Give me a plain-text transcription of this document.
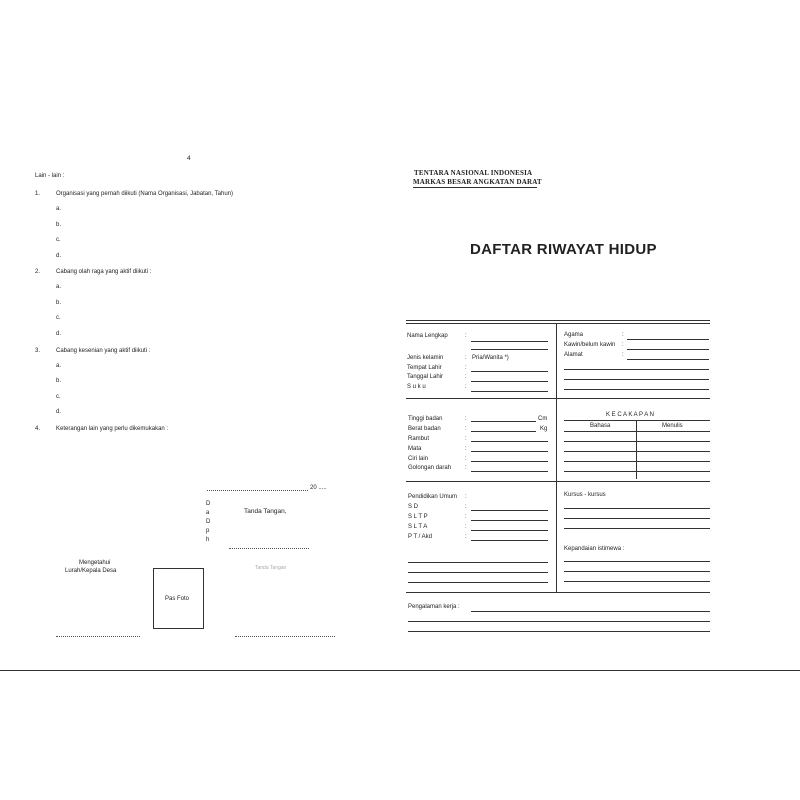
4
Lain - lain :
1.	Organisasi yang pernah diikuti (Nama Organisasi, Jabatan, Tahun)
a.
b.
c.
d.
2.	Cabang olah raga yang aktif diikuti :
a.
b.
c.
d.
3.	Cabang kesenian yang aktif diikuti :
a.
b.
c.
d.
4.	Keterangan lain yang perlu dikemukakan :
20 .....
D
a
D
p
h
Tanda Tangan,
Mengetahui
Lurah/Kepala Desa	Tanda Tangan
Pas Foto
TENTARA NASIONAL INDONESIA
MARKAS BESAR ANGKATAN DARAT
DAFTAR RIWAYAT HIDUP
Nama Lengkap	:
Jenis kelamin	: Pria/Wanita *)
Tempat Lahir	:
Tanggal Lahir	:
S u k u	:
Agama	:
Kawin/belum kawin :
Alamat	:
Tinggi badan	:	Cm
Berat badan	:	Kg
Rambut	:
Mata	:
Ciri lain	:
Golongan darah :
K E C A K A P A N
Bahasa	Menulis
Pendidikan Umum :
S D	:
S L T P	:
S L T A	:
P T / Akd	:
Kursus - kursus
Kepandaian istimewa :
Pengalaman kerja :
